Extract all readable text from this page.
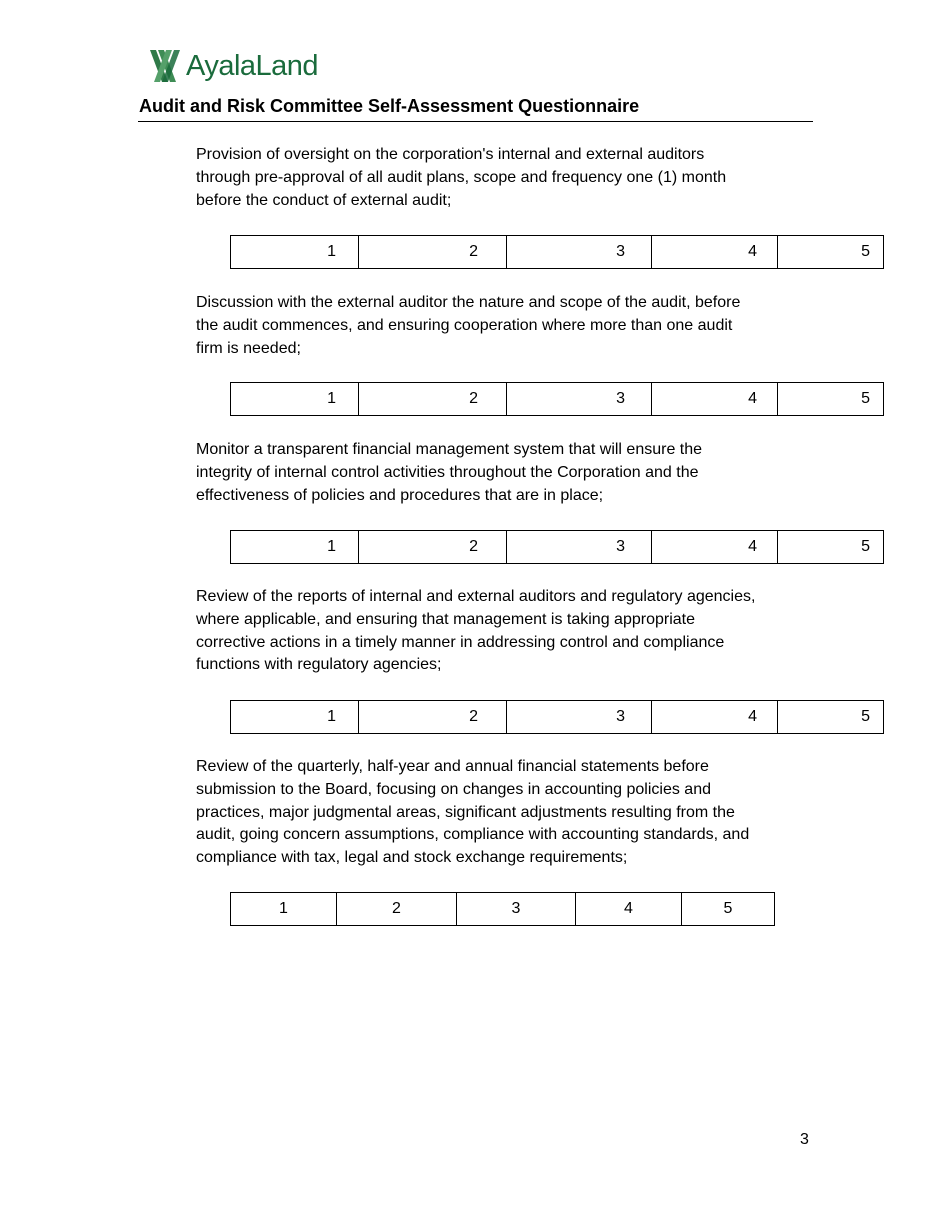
AyalaLand
Audit and Risk Committee Self-Assessment Questionnaire
Provision of oversight on the corporation's internal and external auditors
through pre-approval of all audit plans, scope and frequency one (1) month
before the conduct of external audit;
1	2	3	4	5
Discussion with the external auditor the nature and scope of the audit, before
the audit commences, and ensuring cooperation where more than one audit
firm is needed;
1	2	3	4	5
Monitor a transparent financial management system that will ensure the
integrity of internal control activities throughout the Corporation and the
effectiveness of policies and procedures that are in place;
1	2	3	4	5
Review of the reports of internal and external auditors and regulatory agencies,
where applicable, and ensuring that management is taking appropriate
corrective actions in a timely manner in addressing control and compliance
functions with regulatory agencies;
1	2	3	4	5
Review of the quarterly, half-year and annual financial statements before
submission to the Board, focusing on changes in accounting policies and
practices, major judgmental areas, significant adjustments resulting from the
audit, going concern assumptions, compliance with accounting standards, and
compliance with tax, legal and stock exchange requirements;
1	2	3	4	5
3
